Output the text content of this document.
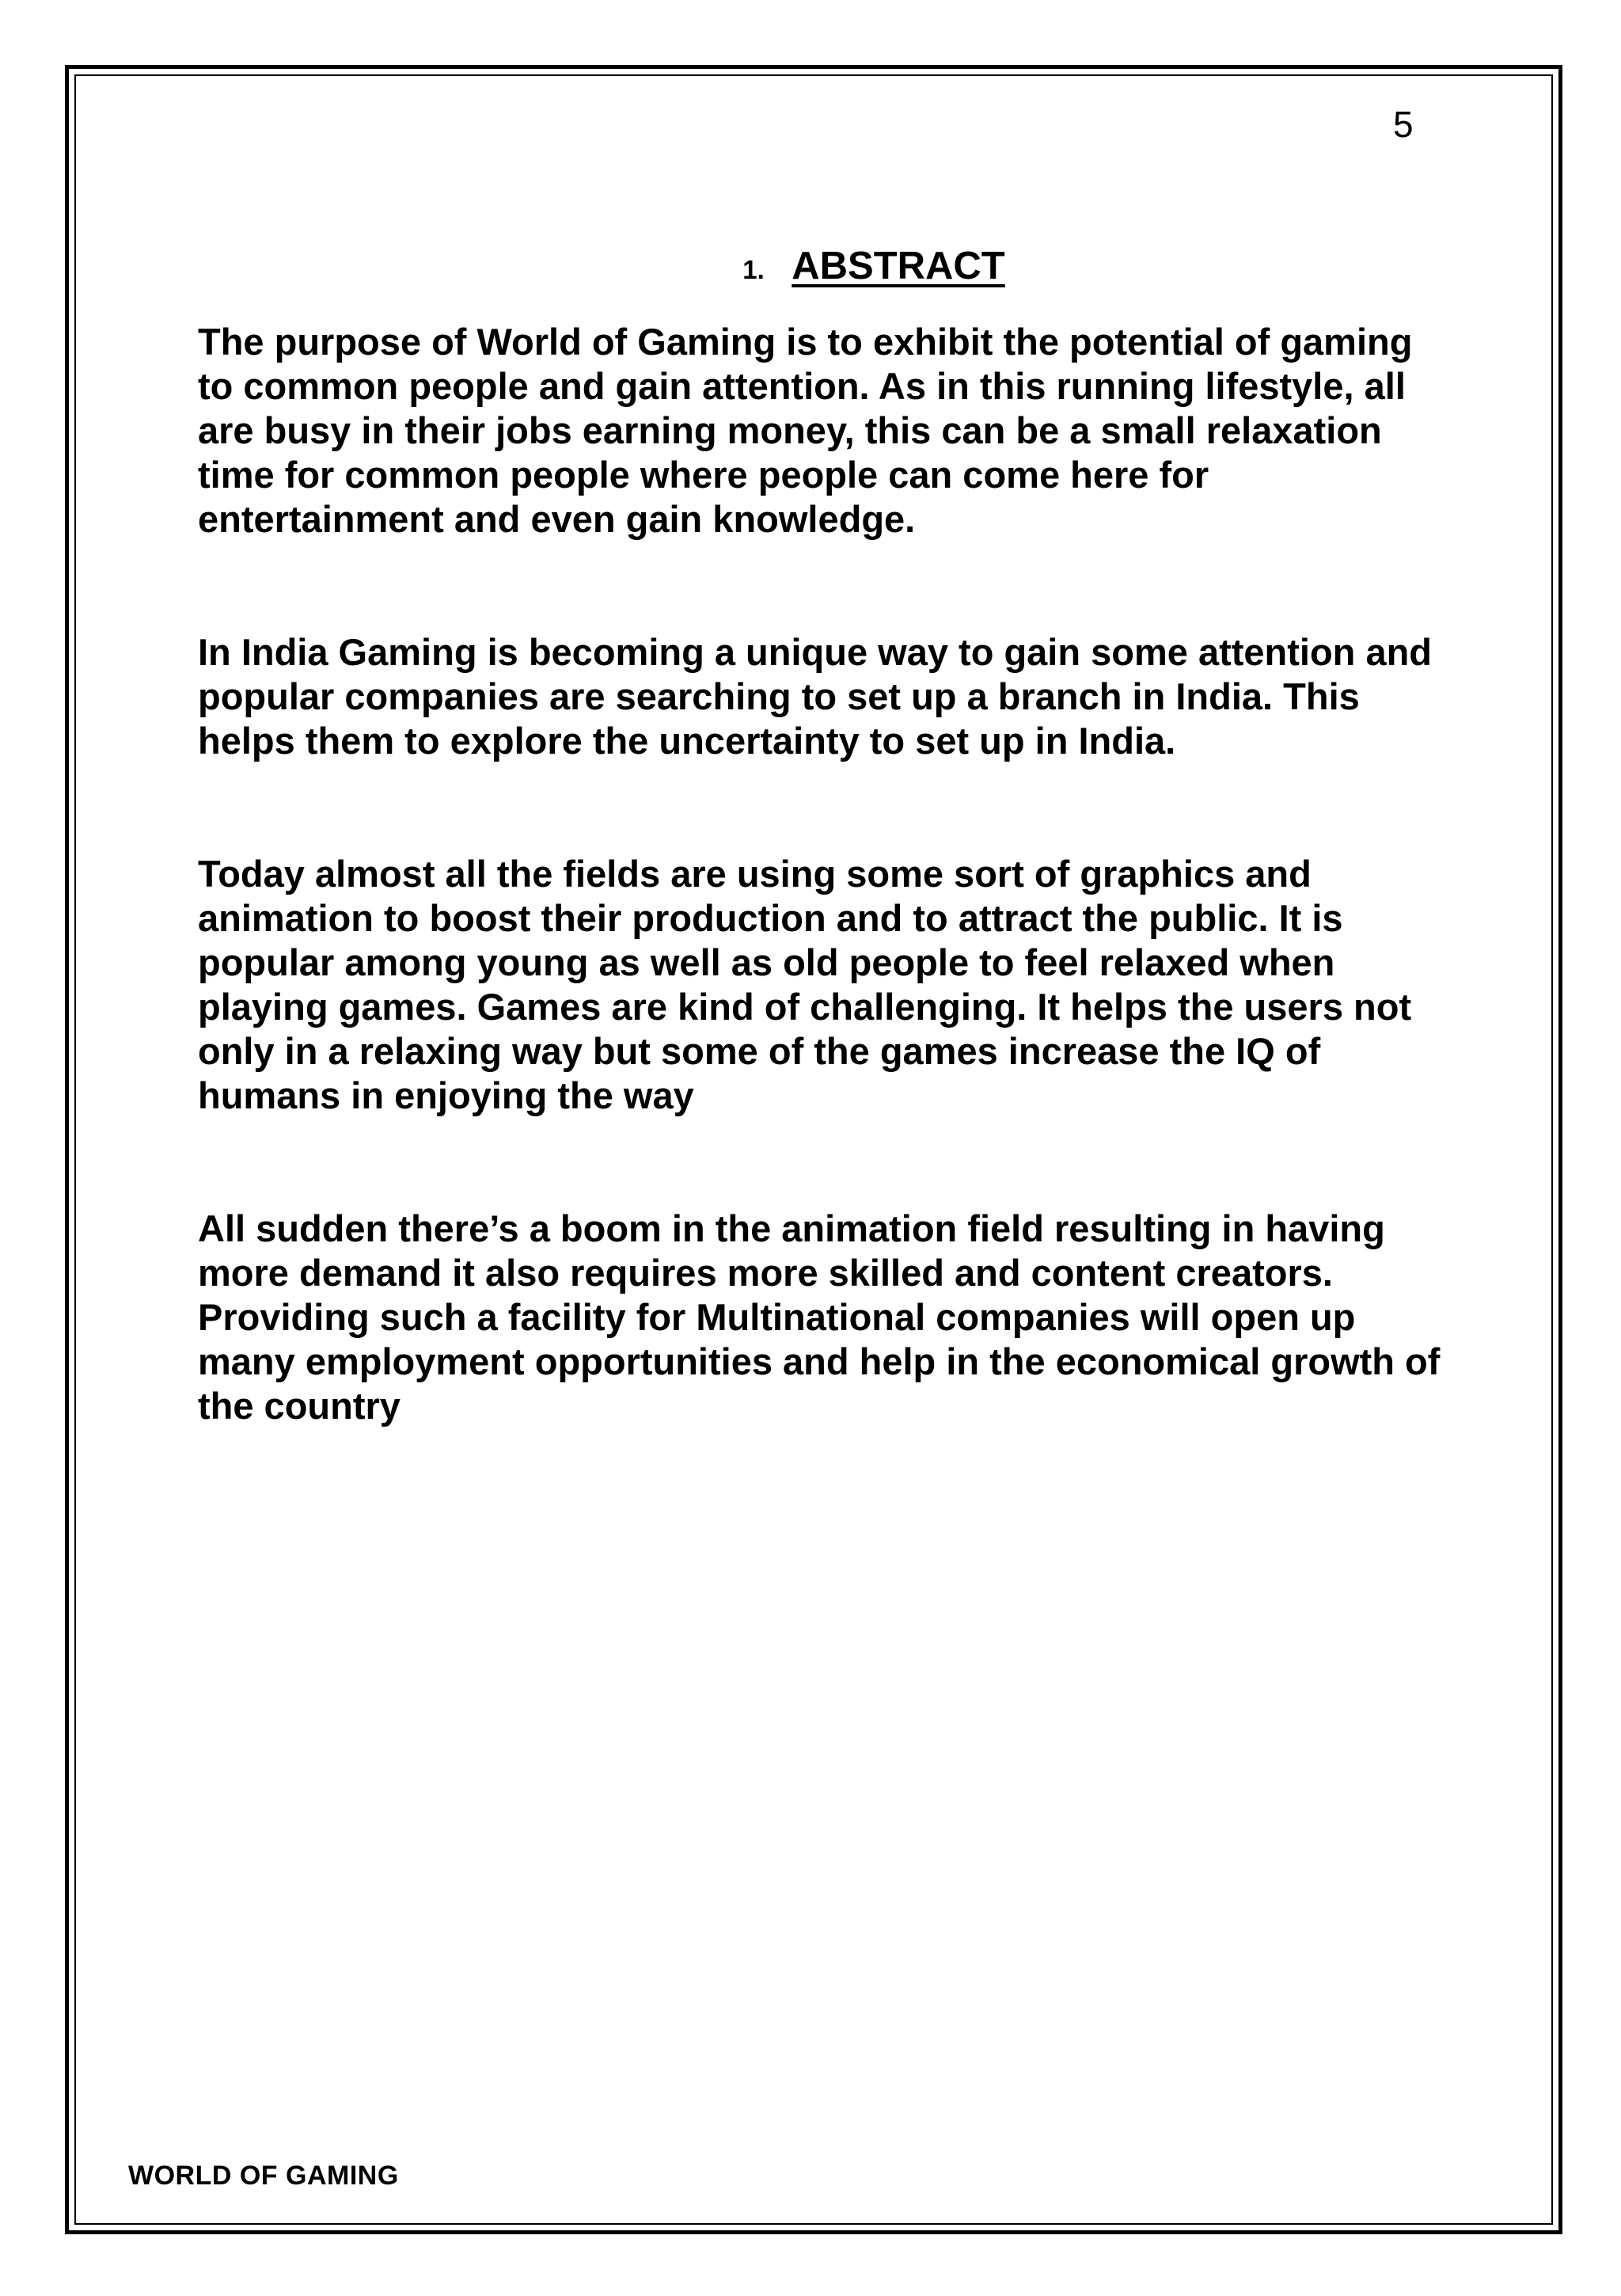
5
1. ABSTRACT

The purpose of World of Gaming is to exhibit the potential of gaming to common people and gain attention. As in this running lifestyle, all are busy in their jobs earning money, this can be a small relaxation time for common people where people can come here for entertainment and even gain knowledge.

In India Gaming is becoming a unique way to gain some attention and popular companies are searching to set up a branch in India. This helps them to explore the uncertainty to set up in India.

Today almost all the fields are using some sort of graphics and animation to boost their production and to attract the public. It is popular among young as well as old people to feel relaxed when playing games. Games are kind of challenging. It helps the users not only in a relaxing way but some of the games increase the IQ of humans in enjoying the way

All sudden there’s a boom in the animation field resulting in having more demand it also requires more skilled and content creators. Providing such a facility for Multinational companies will open up many employment opportunities and help in the economical growth of the country

WORLD OF GAMING
